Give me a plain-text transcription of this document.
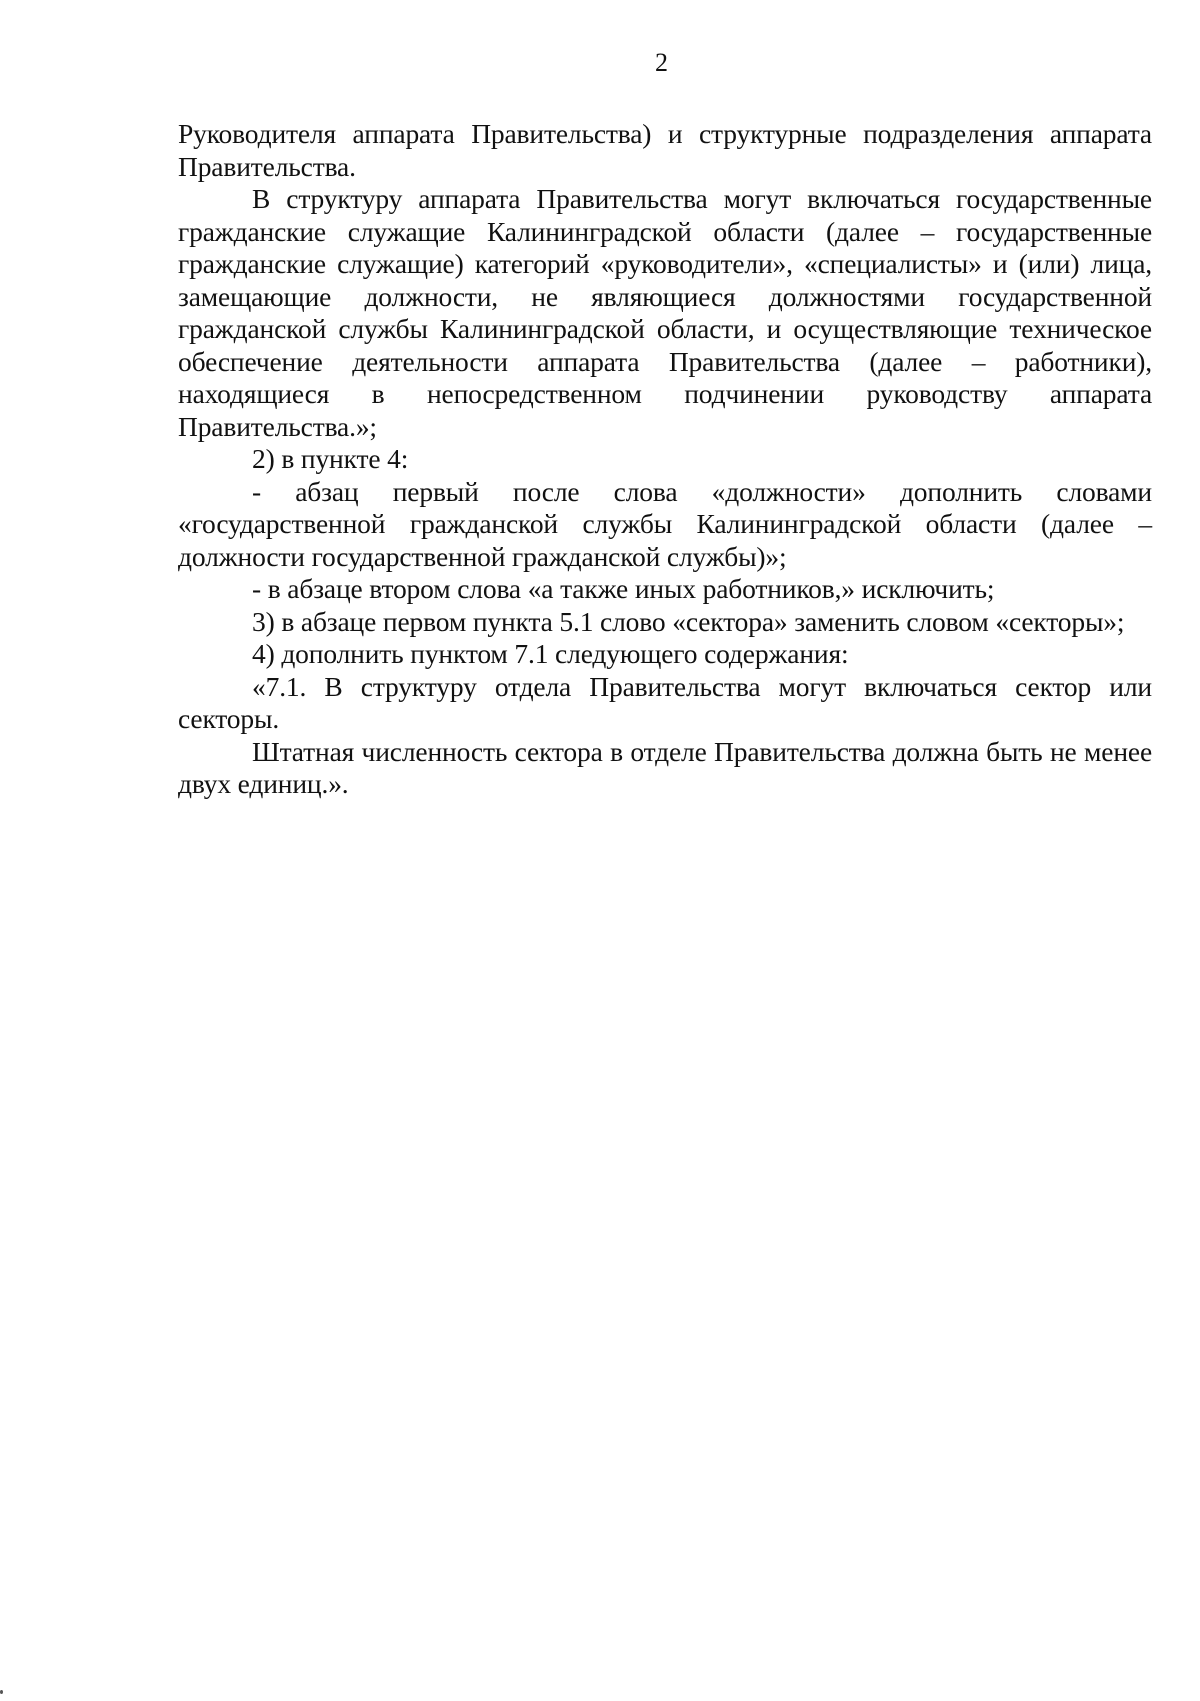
2

Руководителя аппарата Правительства) и структурные подразделения аппарата Правительства.

В структуру аппарата Правительства могут включаться государственные гражданские служащие Калининградской области (далее – государственные гражданские служащие) категорий «руководители», «специалисты» и (или) лица, замещающие должности, не являющиеся должностями государственной гражданской службы Калининградской области, и осуществляющие техническое обеспечение деятельности аппарата Правительства (далее – работники), находящиеся в непосредственном подчинении руководству аппарата Правительства.»;

2) в пункте 4:

- абзац первый после слова «должности» дополнить словами «государственной гражданской службы Калининградской области (далее – должности государственной гражданской службы)»;

- в абзаце втором слова «а также иных работников,» исключить;

3) в абзаце первом пункта 5.1 слово «сектора» заменить словом «секторы»;

4) дополнить пунктом 7.1 следующего содержания:

«7.1. В структуру отдела Правительства могут включаться сектор или секторы.

Штатная численность сектора в отделе Правительства должна быть не менее двух единиц.».
